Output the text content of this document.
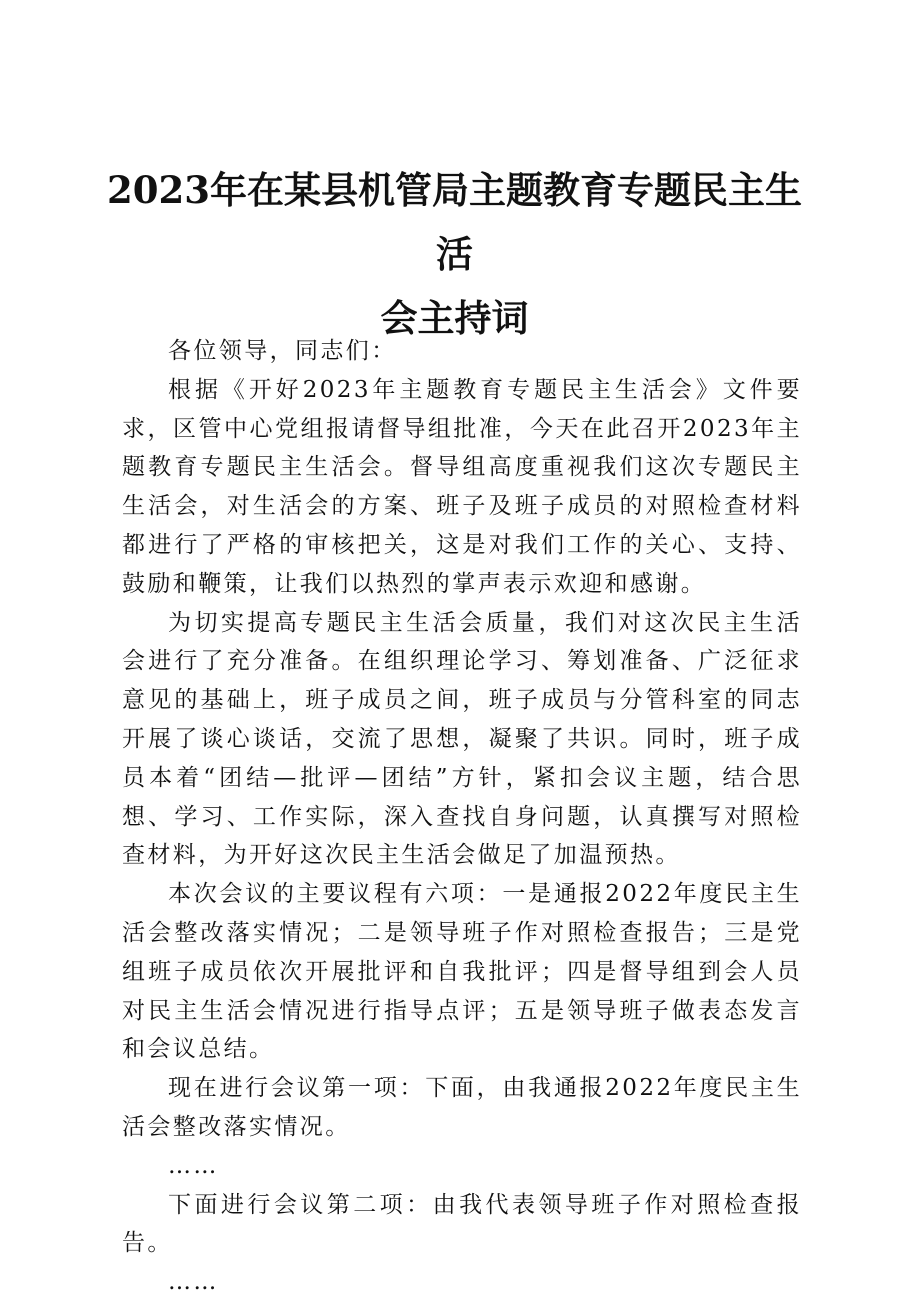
2023年在某县机管局主题教育专题民主生活
会主持词

各位领导，同志们：

根据《开好2023年主题教育专题民主生活会》文件要求，区管中心党组报请督导组批准，今天在此召开2023年主题教育专题民主生活会。督导组高度重视我们这次专题民主生活会，对生活会的方案、班子及班子成员的对照检查材料都进行了严格的审核把关，这是对我们工作的关心、支持、鼓励和鞭策，让我们以热烈的掌声表示欢迎和感谢。

为切实提高专题民主生活会质量，我们对这次民主生活会进行了充分准备。在组织理论学习、筹划准备、广泛征求意见的基础上，班子成员之间，班子成员与分管科室的同志开展了谈心谈话，交流了思想，凝聚了共识。同时，班子成员本着“团结—批评—团结”方针，紧扣会议主题，结合思想、学习、工作实际，深入查找自身问题，认真撰写对照检查材料，为开好这次民主生活会做足了加温预热。

本次会议的主要议程有六项：一是通报2022年度民主生活会整改落实情况；二是领导班子作对照检查报告；三是党组班子成员依次开展批评和自我批评；四是督导组到会人员对民主生活会情况进行指导点评；五是领导班子做表态发言和会议总结。

现在进行会议第一项：下面，由我通报2022年度民主生活会整改落实情况。

……

下面进行会议第二项：由我代表领导班子作对照检查报告。

……
